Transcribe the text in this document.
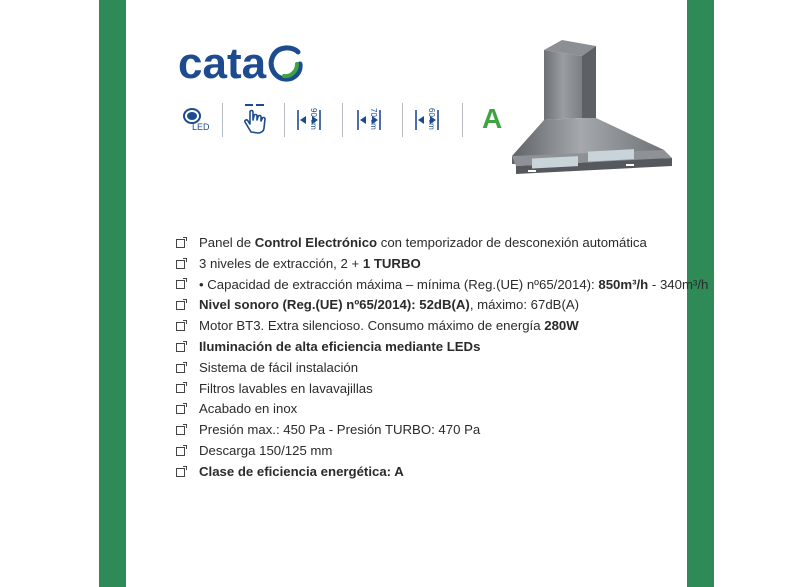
cata
LED	90 cm	70 cm	60 cm A
Panel de Control Electrónico con temporizador de desconexión automática
3 niveles de extracción, 2 + 1 TURBO
• Capacidad de extracción máxima – mínima (Reg.(UE) nº65/2014): 850m³/h - 340m³/h
Nivel sonoro (Reg.(UE) nº65/2014): 52dB(A), máximo: 67dB(A)
Motor BT3. Extra silencioso. Consumo máximo de energía 280W
Iluminación de alta eficiencia mediante LEDs
Sistema de fácil instalación
Filtros lavables en lavavajillas
Acabado en inox
Presión max.: 450 Pa - Presión TURBO: 470 Pa
Descarga 150/125 mm
Clase de eficiencia energética: A
